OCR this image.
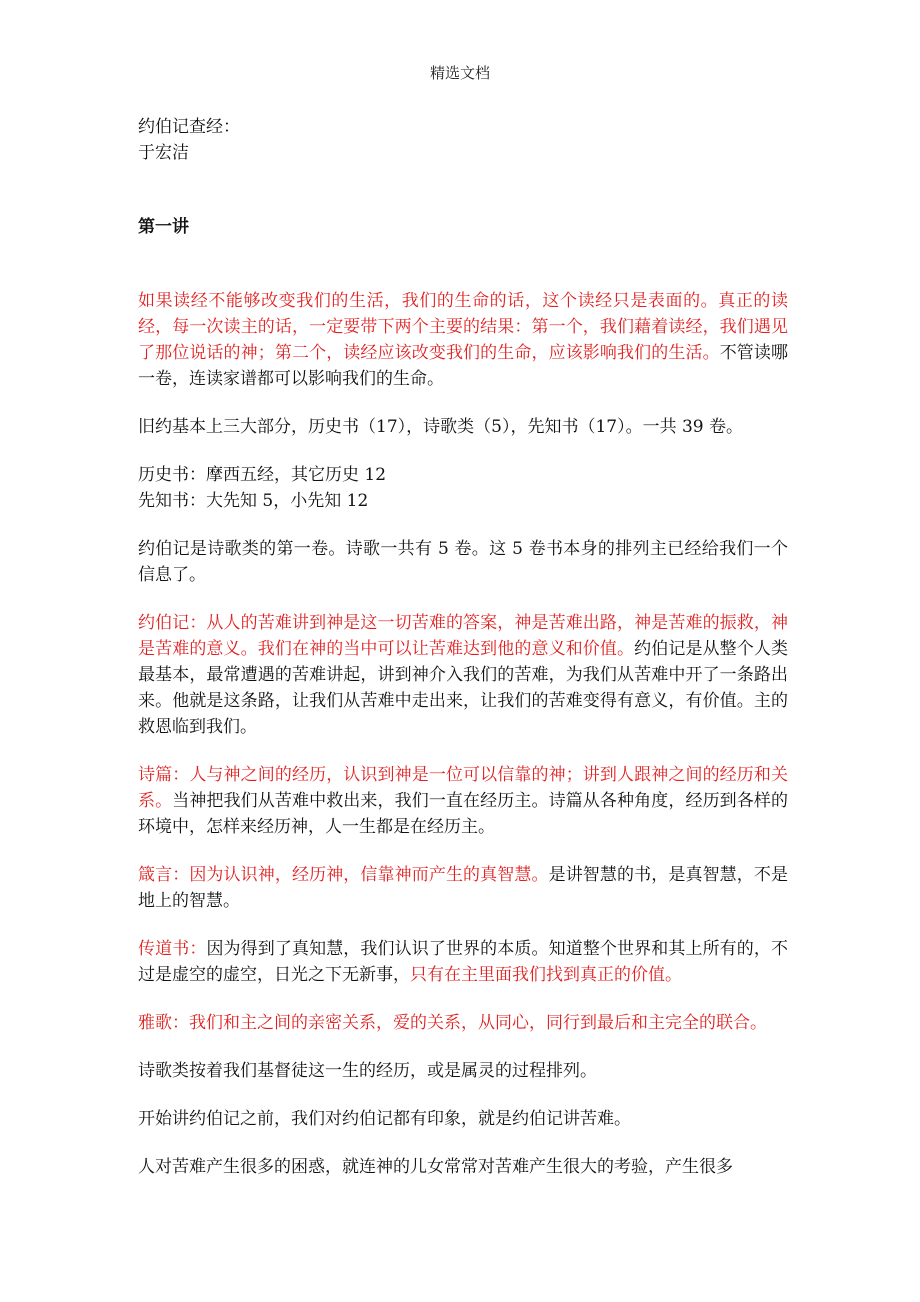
精选文档

约伯记查经：

于宏洁

第一讲

如果读经不能够改变我们的生活，我们的生命的话，这个读经只是表面的。真正的读经，每一次读主的话，一定要带下两个主要的结果：第一个，我们藉着读经，我们遇见了那位说话的神；第二个，读经应该改变我们的生命，应该影响我们的生活。不管读哪一卷，连读家谱都可以影响我们的生命。

旧约基本上三大部分，历史书（17），诗歌类（5），先知书（17）。一共 39 卷。

历史书：摩西五经，其它历史 12

先知书：大先知 5，小先知 12

约伯记是诗歌类的第一卷。诗歌一共有 5 卷。这 5 卷书本身的排列主已经给我们一个信息了。

约伯记：从人的苦难讲到神是这一切苦难的答案，神是苦难出路，神是苦难的振救，神是苦难的意义。我们在神的当中可以让苦难达到他的意义和价值。约伯记是从整个人类最基本，最常遭遇的苦难讲起，讲到神介入我们的苦难，为我们从苦难中开了一条路出来。他就是这条路，让我们从苦难中走出来，让我们的苦难变得有意义，有价值。主的救恩临到我们。

诗篇：人与神之间的经历，认识到神是一位可以信靠的神；讲到人跟神之间的经历和关系。当神把我们从苦难中救出来，我们一直在经历主。诗篇从各种角度，经历到各样的环境中，怎样来经历神，人一生都是在经历主。

箴言：因为认识神，经历神，信靠神而产生的真智慧。是讲智慧的书，是真智慧，不是地上的智慧。

传道书：因为得到了真知慧，我们认识了世界的本质。知道整个世界和其上所有的，不过是虚空的虚空，日光之下无新事，只有在主里面我们找到真正的价值。

雅歌：我们和主之间的亲密关系，爱的关系，从同心，同行到最后和主完全的联合。

诗歌类按着我们基督徒这一生的经历，或是属灵的过程排列。

开始讲约伯记之前，我们对约伯记都有印象，就是约伯记讲苦难。

人对苦难产生很多的困惑，就连神的儿女常常对苦难产生很大的考验，产生很多
